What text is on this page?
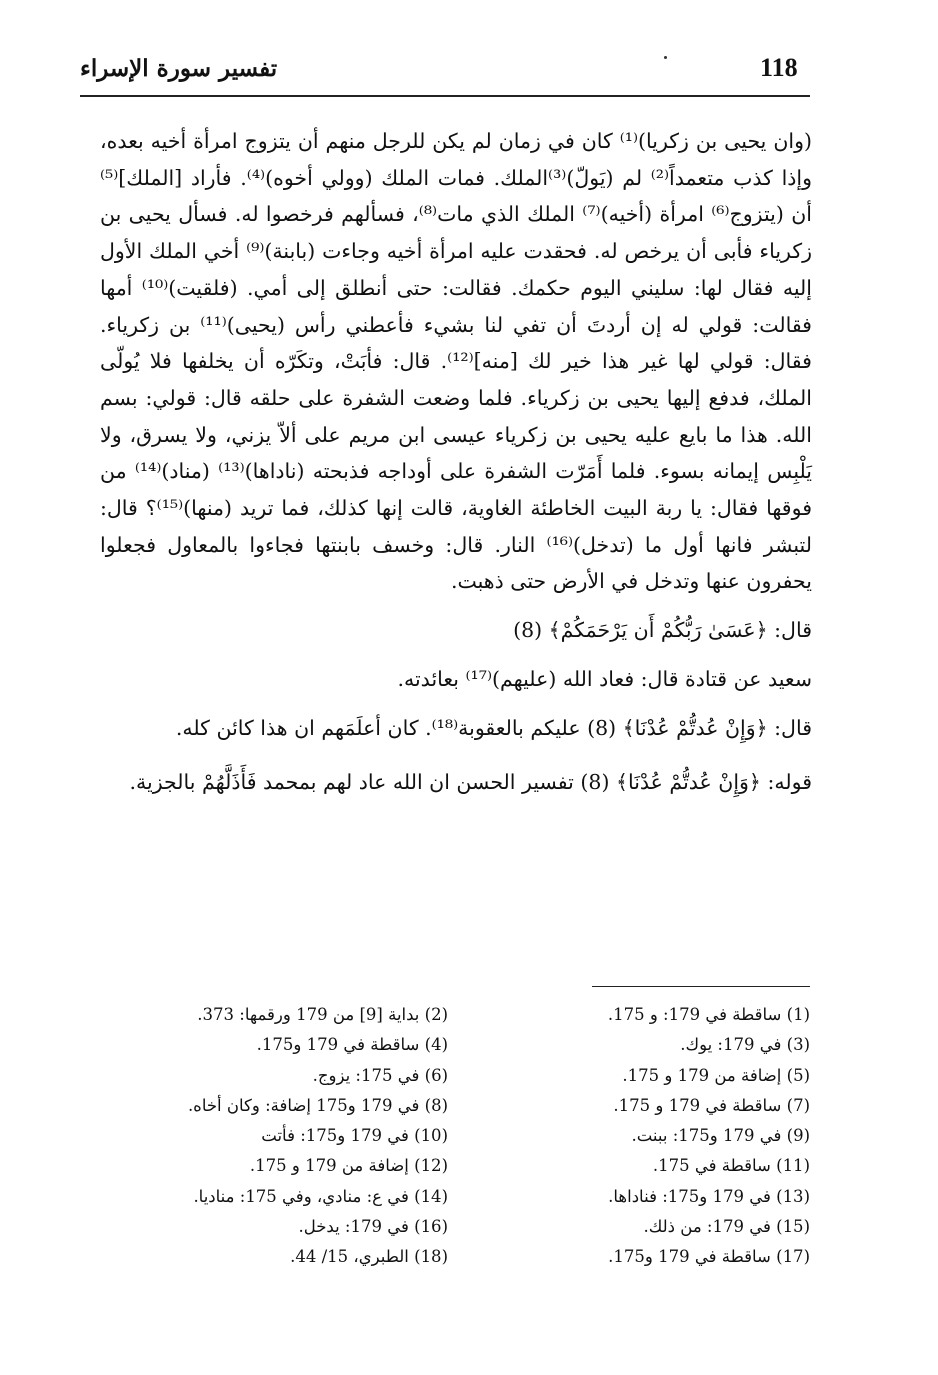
تفسير سورة الإسراء	118

(وان يحيى بن زكريا)⁽¹⁾ كان في زمان لم يكن للرجل منهم أن يتزوج امرأة أخيه بعده، وإذا كذب متعمداً⁽²⁾ لم (يَولّ)⁽³⁾الملك. فمات الملك (وولي أخوه)⁽⁴⁾. فأراد [الملك]⁽⁵⁾ أن (يتزوج⁽⁶⁾ امرأة (أخيه)⁽⁷⁾ الملك الذي مات⁽⁸⁾، فسألهم فرخصوا له. فسأل يحيى بن زكرياء فأبى أن يرخص له. فحقدت عليه امرأة أخيه وجاءت (بابنة)⁽⁹⁾ أخي الملك الأول إليه فقال لها: سليني اليوم حكمك. فقالت: حتى أنطلق إلى أمي. (فلقيت)⁽¹⁰⁾ أمها فقالت: قولي له إن أردتَ أن تفي لنا بشيء فأعطني رأس (يحيى)⁽¹¹⁾ بن زكرياء. فقال: قولي لها غير هذا خير لك [منه]⁽¹²⁾. قال: فأبَتْ، وتكَرّه أن يخلفها فلا يُولّى الملك، فدفع إليها يحيى بن زكرياء. فلما وضعت الشفرة على حلقه قال: قولي: بسم الله. هذا ما بايع عليه يحيى بن زكرياء عيسى ابن مريم على ألاّ يزني، ولا يسرق، ولا يَلْبِس إيمانه بسوء. فلما أَمَرّت الشفرة على أوداجه فذبحته (ناداها)⁽¹³⁾ (مناد)⁽¹⁴⁾ من فوقها فقال: يا ربة البيت الخاطئة الغاوية، قالت إنها كذلك، فما تريد (منها)⁽¹⁵⁾؟ قال: لتبشر فانها أول ما (تدخل)⁽¹⁶⁾ النار. قال: وخسف بابنتها فجاءوا بالمعاول فجعلوا يحفرون عنها وتدخل في الأرض حتى ذهبت.

قال: ﴿عَسَىٰ رَبُّكُمْ أَن يَرْحَمَكُمْ﴾ (8)

سعيد عن قتادة قال: فعاد الله (عليهم)⁽¹⁷⁾ بعائدته.

قال: ﴿وَإِنْ عُدتُّمْ عُدْنَا﴾ (8) عليكم بالعقوبة⁽¹⁸⁾. كان أعلَمَهم ان هذا كائن كله.

قوله: ﴿وَإِنْ عُدتُّمْ عُدْنَا﴾ (8) تفسير الحسن ان الله عاد لهم بمحمد فَأَذَلَّهُمْ بالجزية.

(1) ساقطة في 179: و 175.
(3) في 179: يوك.
(5) إضافة من 179 و 175.
(7) ساقطة في 179 و 175.
(9) في 179 و175: ببنت.
(11) ساقطة في 175.
(13) في 179 و175: فناداها.
(15) في 179: من ذلك.
(17) ساقطة في 179 و175.
(2) بداية [9] من 179 ورقمها: 373.
(4) ساقطة في 179 و175.
(6) في 175: يزوج.
(8) في 179 و175 إضافة: وكان أخاه.
(10) في 179 و175: فأتت
(12) إضافة من 179 و 175.
(14) في ع: منادي، وفي 175: مناديا.
(16) في 179: يدخل.
(18) الطبري، 15/ 44.
